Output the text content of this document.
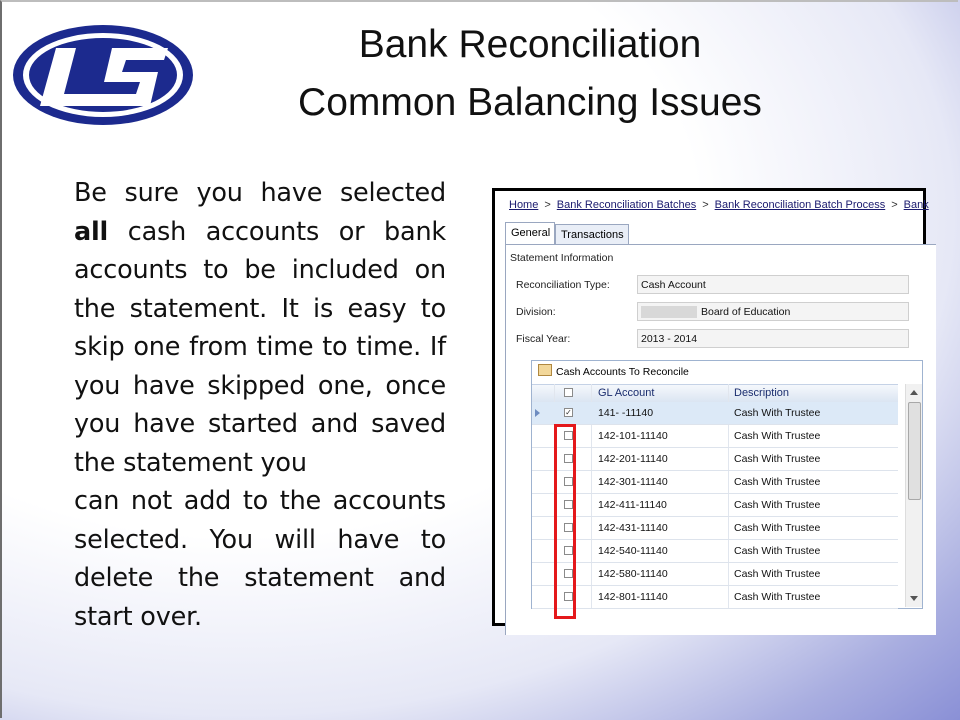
Bank Reconciliation
Common Balancing Issues

Be sure you have selected all cash accounts or bank accounts to be included on the statement. It is easy to skip one from time to time. If you have skipped one, once you have started and saved the statement you

can not add to the accounts selected. You will have to delete the statement and start over.

Home > Bank Reconciliation Batches > Bank Reconciliation Batch Process > Bank
General Transactions
Statement Information
Reconciliation Type:	Cash Account
Division:	Board of Education
Fiscal Year:	2013 - 2014
Cash Accounts To Reconcile
GL Account	Description
✓ 141- -11140	Cash With Trustee
142-101-11140	Cash With Trustee
142-201-11140	Cash With Trustee
142-301-11140	Cash With Trustee
142-411-11140	Cash With Trustee
142-431-11140	Cash With Trustee
142-540-11140	Cash With Trustee
142-580-11140	Cash With Trustee
142-801-11140	Cash With Trustee
